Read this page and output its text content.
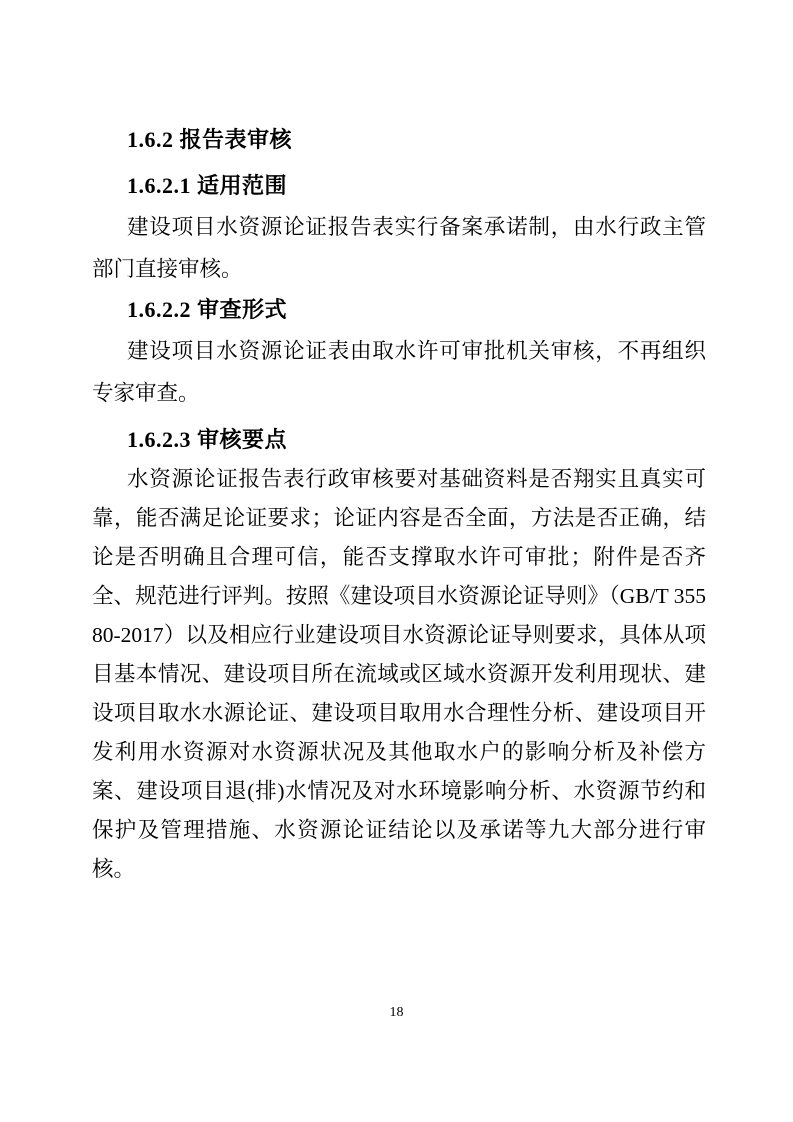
1.6.2 报告表审核
1.6.2.1 适用范围

建设项目水资源论证报告表实行备案承诺制，由水行政主管部门直接审核。

1.6.2.2 审查形式

建设项目水资源论证表由取水许可审批机关审核，不再组织专家审查。

1.6.2.3 审核要点

水资源论证报告表行政审核要对基础资料是否翔实且真实可靠，能否满足论证要求；论证内容是否全面，方法是否正确，结论是否明确且合理可信，能否支撑取水许可审批；附件是否齐全、规范进行评判。按照《建设项目水资源论证导则》（GB/T 35580-2017）以及相应行业建设项目水资源论证导则要求，具体从项目基本情况、建设项目所在流域或区域水资源开发利用现状、建设项目取水水源论证、建设项目取用水合理性分析、建设项目开发利用水资源对水资源状况及其他取水户的影响分析及补偿方案、建设项目退(排)水情况及对水环境影响分析、水资源节约和保护及管理措施、水资源论证结论以及承诺等九大部分进行审核。

18
